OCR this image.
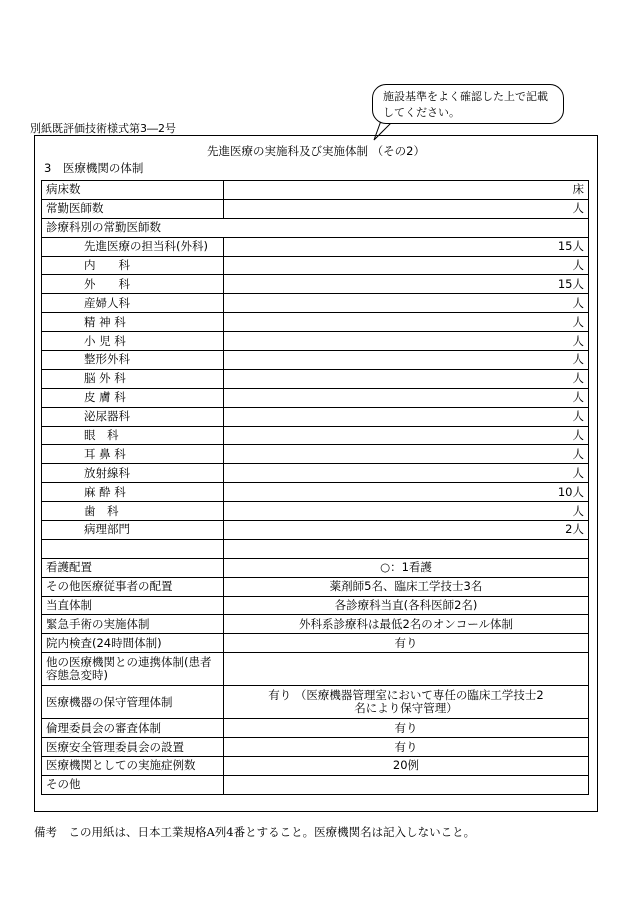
別紙既評価技術様式第3―2号
施設基準をよく確認した上で記載してください。
先進医療の実施科及び実施体制 （その2）
3　医療機関の体制
病床数	床
常勤医師数	人
診療科別の常勤医師数	
先進医療の担当科(外科)	15人
内　　科	人
外　　科	15人
産婦人科	人
精 神 科	人
小 児 科	人
整形外科	人
脳 外 科	人
皮 膚 科	人
泌尿器科	人
眼　科	人
耳 鼻 科	人
放射線科	人
麻 酔 科	10人
歯　科	人
病理部門	2人

看護配置	○：1看護
その他医療従事者の配置	薬剤師5名、臨床工学技士3名
当直体制	各診療科当直(各科医師2名)
緊急手術の実施体制	外科系診療科は最低2名のオンコール体制
院内検査(24時間体制)	有り
他の医療機関との連携体制(患者容態急変時)	
医療機器の保守管理体制	有り （医療機器管理室において専任の臨床工学技士2名により保守管理）
倫理委員会の審査体制	有り
医療安全管理委員会の設置	有り
医療機関としての実施症例数	20例
その他	
備考　この用紙は、日本工業規格A列4番とすること。医療機関名は記入しないこと。
